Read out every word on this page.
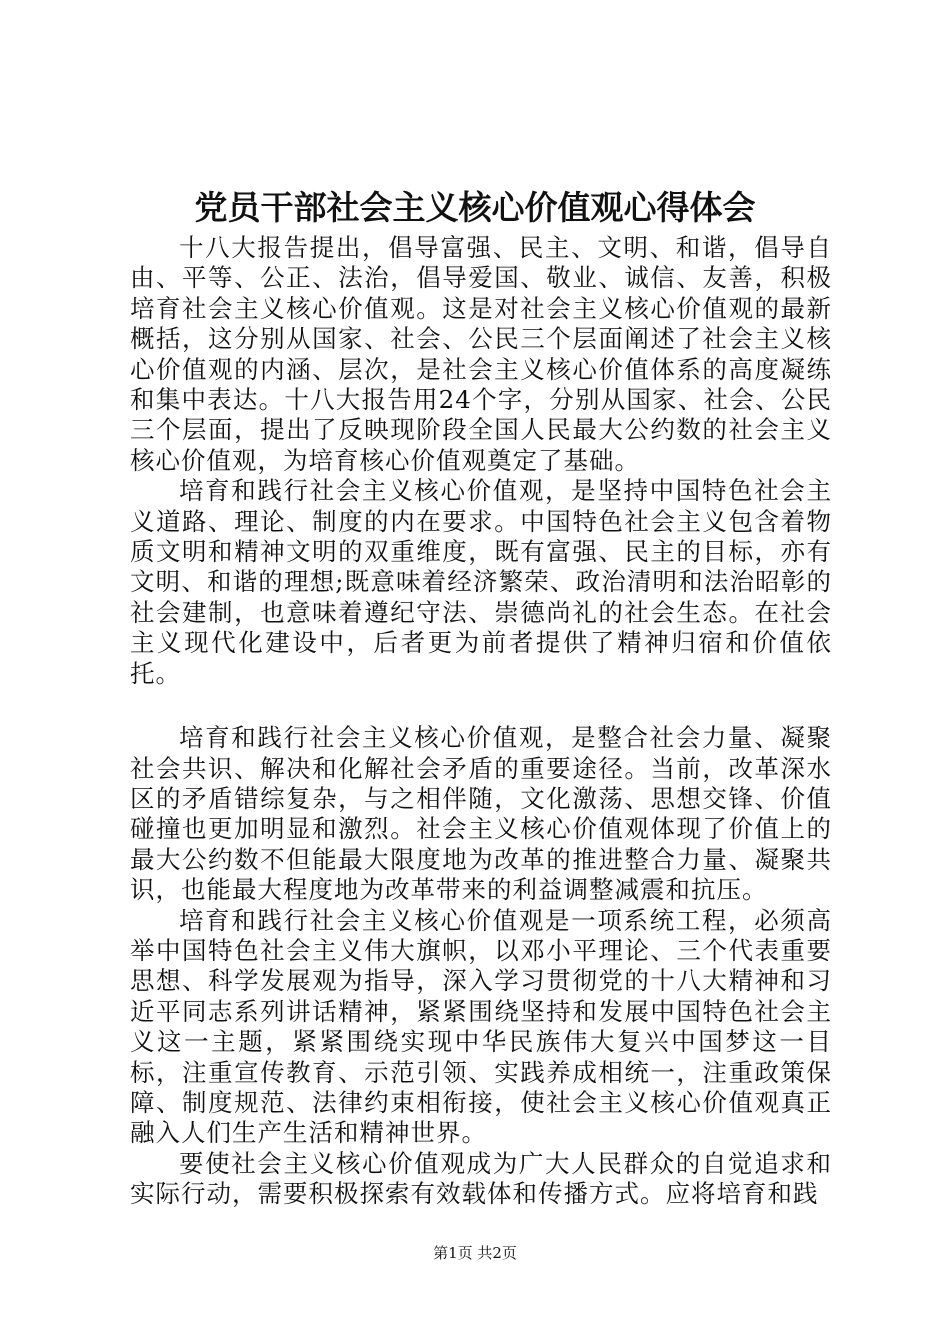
党员干部社会主义核心价值观心得体会

十八大报告提出，倡导富强、民主、文明、和谐，倡导自由、平等、公正、法治，倡导爱国、敬业、诚信、友善，积极培育社会主义核心价值观。这是对社会主义核心价值观的最新概括，这分别从国家、社会、公民三个层面阐述了社会主义核心价值观的内涵、层次，是社会主义核心价值体系的高度凝练和集中表达。十八大报告用24个字，分别从国家、社会、公民三个层面，提出了反映现阶段全国人民最大公约数的社会主义核心价值观，为培育核心价值观奠定了基础。

培育和践行社会主义核心价值观，是坚持中国特色社会主义道路、理论、制度的内在要求。中国特色社会主义包含着物质文明和精神文明的双重维度，既有富强、民主的目标，亦有文明、和谐的理想;既意味着经济繁荣、政治清明和法治昭彰的社会建制，也意味着遵纪守法、崇德尚礼的社会生态。在社会主义现代化建设中，后者更为前者提供了精神归宿和价值依托。

培育和践行社会主义核心价值观，是整合社会力量、凝聚社会共识、解决和化解社会矛盾的重要途径。当前，改革深水区的矛盾错综复杂，与之相伴随，文化激荡、思想交锋、价值碰撞也更加明显和激烈。社会主义核心价值观体现了价值上的最大公约数不但能最大限度地为改革的推进整合力量、凝聚共识，也能最大程度地为改革带来的利益调整减震和抗压。

培育和践行社会主义核心价值观是一项系统工程，必须高举中国特色社会主义伟大旗帜，以邓小平理论、三个代表重要思想、科学发展观为指导，深入学习贯彻党的十八大精神和习近平同志系列讲话精神，紧紧围绕坚持和发展中国特色社会主义这一主题，紧紧围绕实现中华民族伟大复兴中国梦这一目标，注重宣传教育、示范引领、实践养成相统一，注重政策保障、制度规范、法律约束相衔接，使社会主义核心价值观真正融入人们生产生活和精神世界。

要使社会主义核心价值观成为广大人民群众的自觉追求和实际行动，需要积极探索有效载体和传播方式。应将培育和践

第1页 共2页
